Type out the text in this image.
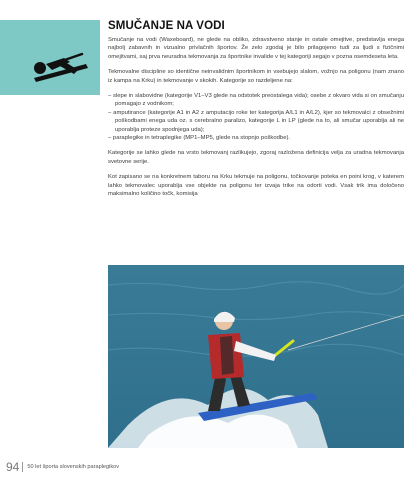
SMUČANJE NA VODI

Smučanje na vodi (Waxeboard), ne glede na obliko, zdravstveno stanje in ostale omejitve, predstavlja enega najbolj zabavnih in vizualno privlačnih športov. Že zelo zgodaj je bilo prilagojeno tudi za ljudi s fizičnimi omejitvami, saj prva neuradna tekmovanja za športnike invalide v tej kategoriji segajo v pozna osemdeseta leta.

Tekmovalne discipline so identične neinvalidnim športnikom in vsebujejo slalom, vožnjo na poligonu (nam znano iz kampa na Krku) in tekmovanje v skokih. Kategorije so razdeljene na:

– slepe in slabovidne (kategorije V1–V3 glede na odstotek preostalega vida); osebe z okvaro vida si on smučanju pomagajo z vodnikom;
– amputirance (kategorije A1 in A2 z amputacijo roke ter kategorija A/L1 in A/L2), kjer so tekmovalci z obsežnimi poškodbami enega uda oz. s cerebralno paralizo, kategorije L in LP (glede na to, ali smučar uporablja ali ne uporablja proteze spodnjega uda);
– paraplegike in tetraplegike (MP1–MP5, glede na stopnjo poškodbe).

Kategorije se lahko glede na vrsto tekmovanj razlikujejo, zgoraj razložena definicija velja za uradna tekmovanja svetovne serije.

Kot zapisano se na konkretnem taboru na Krku tekmuje na poligonu, točkovanje poteka en poini krog, v katerem lahko tekmovalec uporablja vse objekte na poligonu ter izvaja trike na odorti vodi. Vsak trik ima določeno maksimalno količino točk, komisija

94 50 let športa slovenskih paraplegikov
